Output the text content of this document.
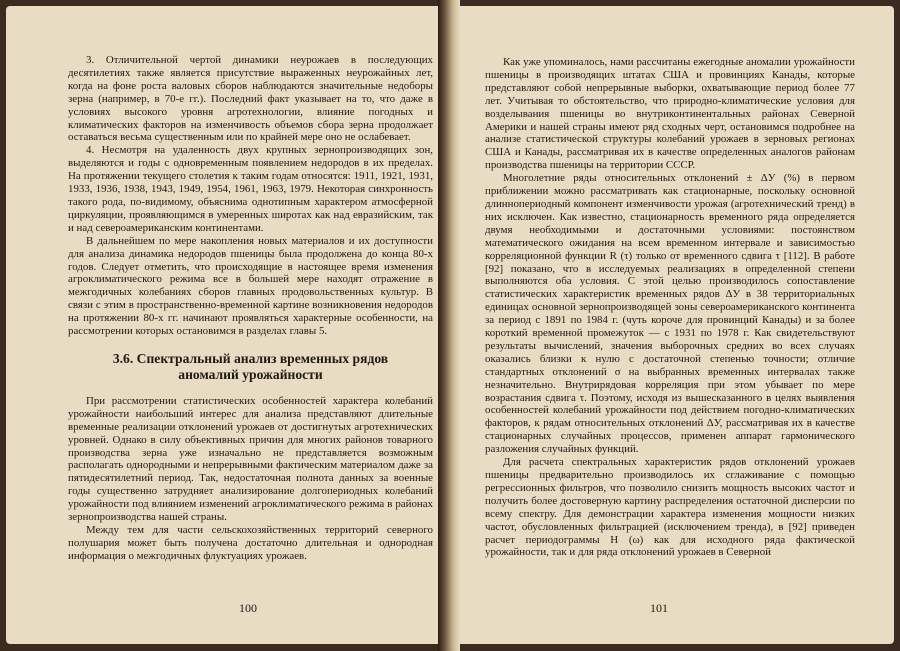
3. Отличительной чертой динамики неурожаев в последующих десятилетиях также является присутствие выраженных неурожайных лет, когда на фоне роста валовых сборов наблюдаются значительные недоборы зерна (например, в 70-е гг.). Последний факт указывает на то, что даже в условиях высокого уровня агротехнологии, влияние погодных и климатических факторов на изменчивость объемов сбора зерна продолжает оставаться весьма существенным или по крайней мере оно не ослабевает.

4. Несмотря на удаленность двух крупных зернопроизводящих зон, выделяются и годы с одновременным появлением недородов в их пределах. На протяжении текущего столетия к таким годам относятся: 1911, 1921, 1931, 1933, 1936, 1938, 1943, 1949, 1954, 1961, 1963, 1979. Некоторая синхронность такого рода, по-видимому, объяснима однотипным характером атмосферной циркуляции, проявляющимся в умеренных широтах как над евразийским, так и над североамериканским континентами.

В дальнейшем по мере накопления новых материалов и их доступности для анализа динамика недородов пшеницы была продолжена до конца 80-х годов. Следует отметить, что происходящие в настоящее время изменения агроклиматического режима все в большей мере находят отражение в межгодичных колебаниях сборов главных продовольственных культур. В связи с этим в пространственно-временной картине возникновения недородов на протяжении 80-х гг. начинают проявляться характерные особенности, на рассмотрении которых остановимся в разделах главы 5.

3.6. Спектральный анализ временных рядов
аномалий урожайности

При рассмотрении статистических особенностей характера колебаний урожайности наибольший интерес для анализа представляют длительные временные реализации отклонений урожаев от достигнутых агротехнических уровней. Однако в силу объективных причин для многих районов товарного производства зерна уже изначально не представляется возможным располагать однородными и непрерывными фактическим материалом даже за пятидесятилетний период. Так, недостаточная полнота данных за военные годы существенно затрудняет анализирование долгопериодных колебаний урожайности под влиянием изменений агроклиматического режима в районах зернопроизводства нашей страны.

Между тем для части сельскохозяйственных территорий северного полушария может быть получена достаточно длительная и однородная информация о межгодичных флуктуациях урожаев.

100

Как уже упоминалось, нами рассчитаны ежегодные аномалии урожайности пшеницы в производящих штатах США и провинциях Канады, которые представляют собой непрерывные выборки, охватывающие период более 77 лет. Учитывая то обстоятельство, что природно-климатические условия для возделывания пшеницы во внутриконтинентальных районах Северной Америки и нашей страны имеют ряд сходных черт, остановимся подробнее на анализе статистической структуры колебаний урожаев в зерновых регионах США и Канады, рассматривая их в качестве определенных аналогов районам производства пшеницы на территории СССР.

Многолетние ряды относительных отклонений ± ΔУ (%) в первом приближении можно рассматривать как стационарные, поскольку основной длиннопериодный компонент изменчивости урожая (агротехнический тренд) в них исключен. Как известно, стационарность временного ряда определяется двумя необходимыми и достаточными условиями: постоянством математического ожидания на всем временном интервале и зависимостью корреляционной функции R (τ) только от временного сдвига τ [112]. В работе [92] показано, что в исследуемых реализациях в определенной степени выполняются оба условия. С этой целью производилось сопоставление статистических характеристик временных рядов ΔУ в 38 территориальных единицах основной зернопроизводящей зоны североамериканского континента за период с 1891 по 1984 г. (чуть короче для провинций Канады) и за более короткий временной промежуток — с 1931 по 1978 г. Как свидетельствуют результаты вычислений, значения выборочных средних во всех случаях оказались близки к нулю с достаточной степенью точности; отличие стандартных отклонений σ на выбранных временных интервалах также незначительно. Внутрирядовая корреляция при этом убывает по мере возрастания сдвига τ. Поэтому, исходя из вышесказанного в целях выявления особенностей колебаний урожайности под действием погодно-климатических факторов, к рядам относительных отклонений ΔУ, рассматривая их в качестве стационарных случайных процессов, применен аппарат гармонического разложения случайных функций.

Для расчета спектральных характеристик рядов отклонений урожаев пшеницы предварительно производилось их сглаживание с помощью регрессионных фильтров, что позволило снизить мощность высоких частот и получить более достоверную картину распределения остаточной дисперсии по всему спектру. Для демонстрации характера изменения мощности низких частот, обусловленных фильтрацией (исключением тренда), в [92] приведен расчет периодограммы H (ω) как для исходного ряда фактической урожайности, так и для ряда отклонений урожаев в Северной

101
